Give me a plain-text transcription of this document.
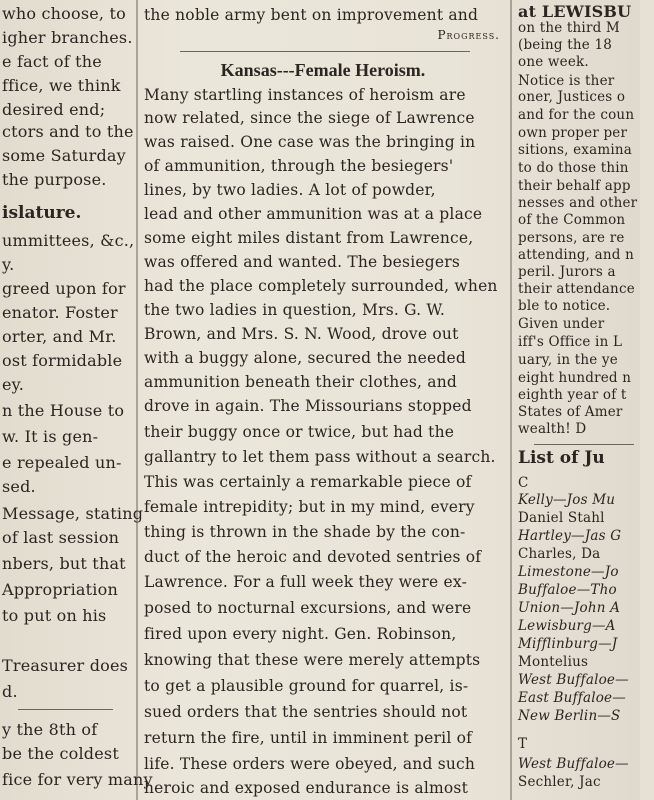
who choose, to
igher branches.
e fact of the
ffice, we think
desired end;
ctors and to the
some Saturday
the purpose.
islature.
ummittees, &c.,
y.
greed upon for
enator. Foster
orter, and Mr.
ost formidable
ey.
n the House to
w. It is gen-
e repealed un-
sed.
Message, stating
of last session
nbers, but that
Appropriation
to put on his
Treasurer does
d.
y the 8th of
be the coldest
fice for very many
the noble army bent on improvement and
Progress.
Kansas---Female Heroism.
Many startling instances of heroism are
now related, since the siege of Lawrence
was raised. One case was the bringing in
of ammunition, through the besiegers'
lines, by two ladies. A lot of powder,
lead and other ammunition was at a place
some eight miles distant from Lawrence,
was offered and wanted. The besiegers
had the place completely surrounded, when
the two ladies in question, Mrs. G. W.
Brown, and Mrs. S. N. Wood, drove out
with a buggy alone, secured the needed
ammunition beneath their clothes, and
drove in again. The Missourians stopped
their buggy once or twice, but had the
gallantry to let them pass without a search.
This was certainly a remarkable piece of
female intrepidity; but in my mind, every
thing is thrown in the shade by the con-
duct of the heroic and devoted sentries of
Lawrence. For a full week they were ex-
posed to nocturnal excursions, and were
fired upon every night. Gen. Robinson,
knowing that these were merely attempts
to get a plausible ground for quarrel, is-
sued orders that the sentries should not
return the fire, until in imminent peril of
life. These orders were obeyed, and such
heroic and exposed endurance is almost
at LEWISBU
on the third M
(being the 18
one week.
Notice is ther
oner, Justices o
and for the coun
own proper per
sitions, examina
to do those thin
their behalf app
nesses and other
of the Common
persons, are re
attending, and n
peril. Jurors a
their attendance
ble to notice.
Given under
iff's Office in L
uary, in the ye
eight hundred n
eighth year of t
States of Amer
wealth! D
List of Ju
C
Kelly—Jos Mu
Daniel Stahl
Hartley—Jas G
Charles, Da
Limestone—Jo
Buffaloe—Tho
Union—John A
Lewisburg—A
Mifflinburg—J
Montelius
West Buffaloe—
East Buffaloe—
New Berlin—S
T
West Buffaloe—
Sechler, Jac
